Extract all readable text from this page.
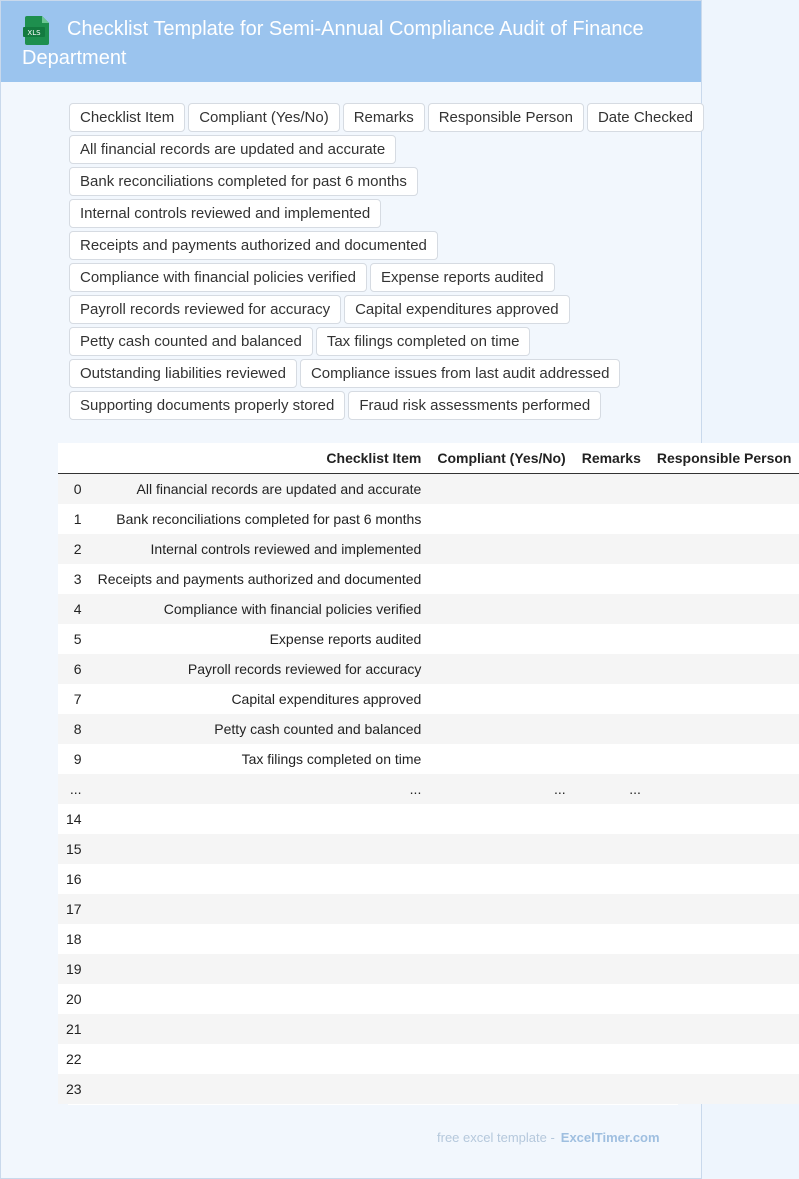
Checklist Template for Semi-Annual Compliance Audit of Finance Department
XLS
Checklist Item	Compliant (Yes/No)	Remarks	Responsible Person	Date Checked
All financial records are updated and accurate
Bank reconciliations completed for past 6 months
Internal controls reviewed and implemented
Receipts and payments authorized and documented
Compliance with financial policies verified	Expense reports audited
Payroll records reviewed for accuracy	Capital expenditures approved
Petty cash counted and balanced	Tax filings completed on time
Outstanding liabilities reviewed	Compliance issues from last audit addressed
Supporting documents properly stored	Fraud risk assessments performed
	Checklist Item	Compliant (Yes/No)	Remarks	Responsible Person
0	All financial records are updated and accurate			
1	Bank reconciliations completed for past 6 months			
2	Internal controls reviewed and implemented			
3	Receipts and payments authorized and documented			
4	Compliance with financial policies verified			
5	Expense reports audited			
6	Payroll records reviewed for accuracy			
7	Capital expenditures approved			
8	Petty cash counted and balanced			
9	Tax filings completed on time			
...	...	...	...	
14				
15				
16				
17				
18				
19				
20				
21				
22				
23				
free excel template - ExcelTimer.com
